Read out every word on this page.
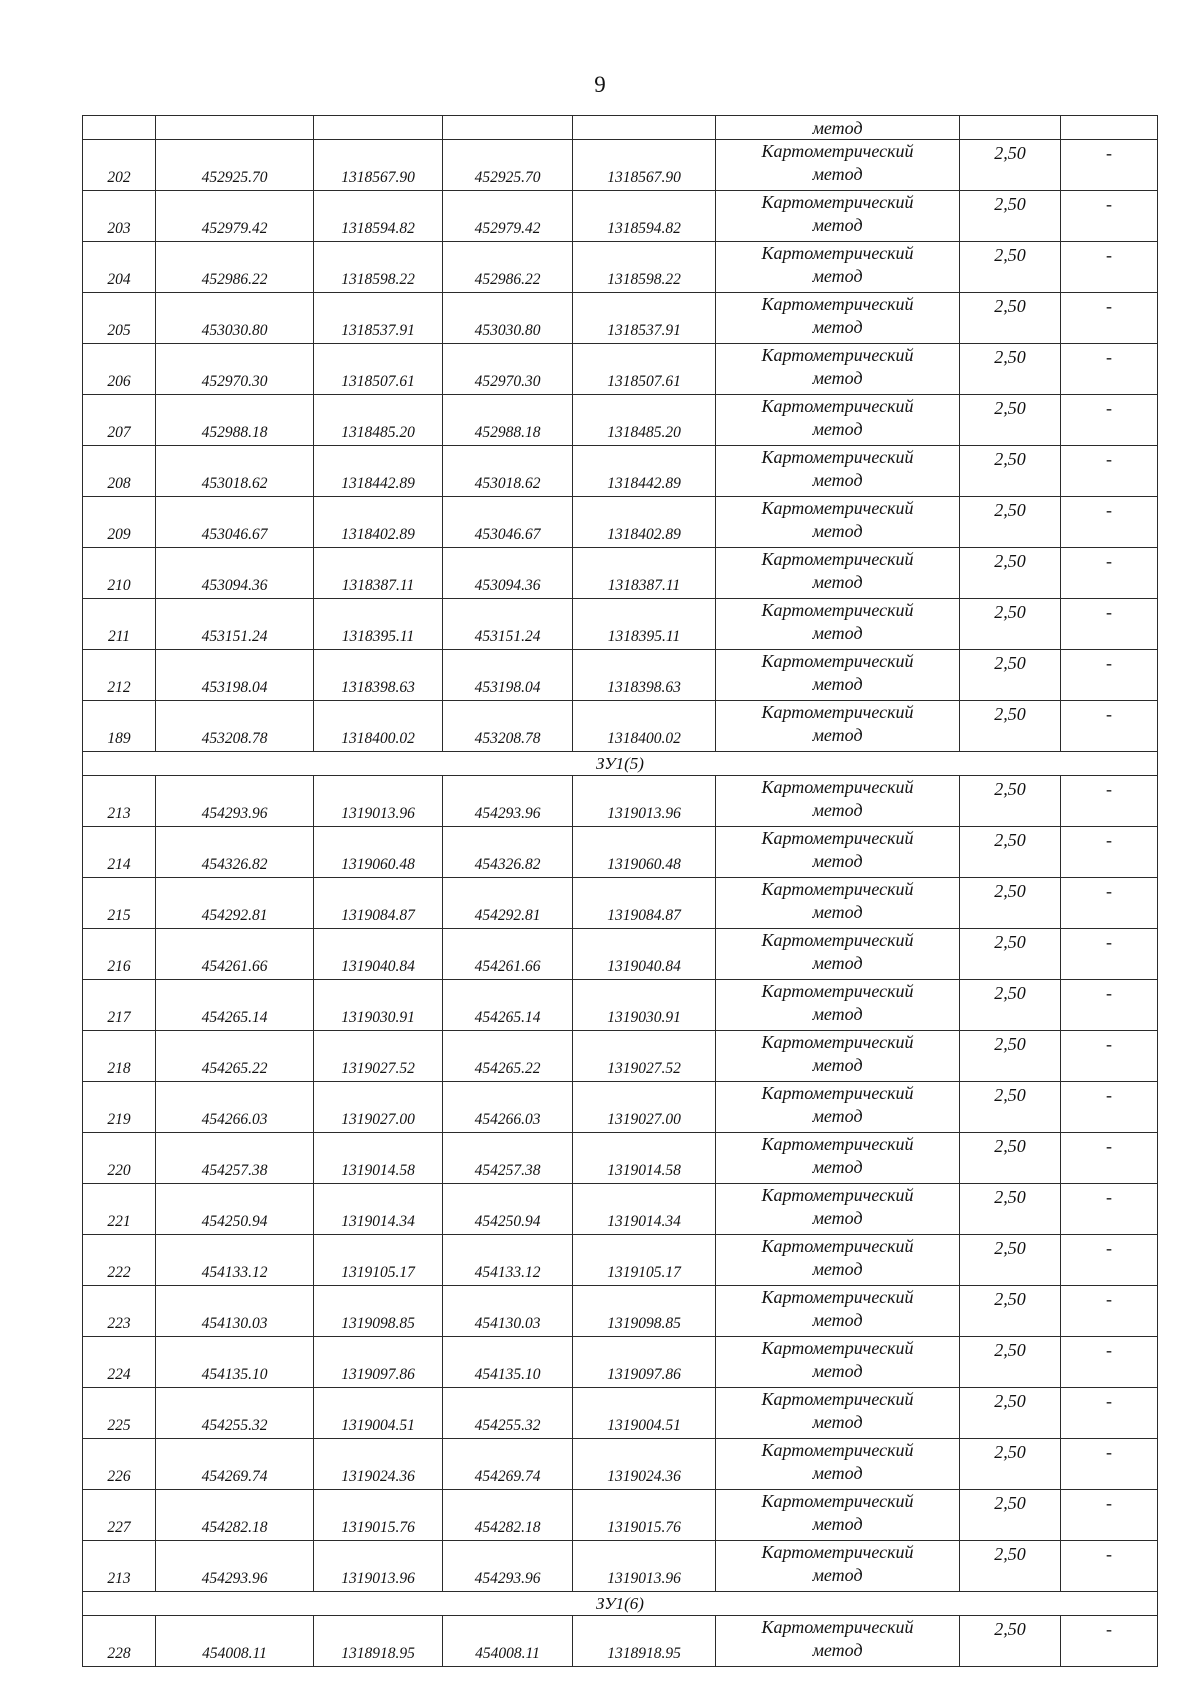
9
					метод		
202	452925.70	1318567.90	452925.70	1318567.90	Картометрический
метод	2,50	-
203	452979.42	1318594.82	452979.42	1318594.82	Картометрический
метод	2,50	-
204	452986.22	1318598.22	452986.22	1318598.22	Картометрический
метод	2,50	-
205	453030.80	1318537.91	453030.80	1318537.91	Картометрический
метод	2,50	-
206	452970.30	1318507.61	452970.30	1318507.61	Картометрический
метод	2,50	-
207	452988.18	1318485.20	452988.18	1318485.20	Картометрический
метод	2,50	-
208	453018.62	1318442.89	453018.62	1318442.89	Картометрический
метод	2,50	-
209	453046.67	1318402.89	453046.67	1318402.89	Картометрический
метод	2,50	-
210	453094.36	1318387.11	453094.36	1318387.11	Картометрический
метод	2,50	-
211	453151.24	1318395.11	453151.24	1318395.11	Картометрический
метод	2,50	-
212	453198.04	1318398.63	453198.04	1318398.63	Картометрический
метод	2,50	-
189	453208.78	1318400.02	453208.78	1318400.02	Картометрический
метод	2,50	-
ЗУ1(5)							
213	454293.96	1319013.96	454293.96	1319013.96	Картометрический
метод	2,50	-
214	454326.82	1319060.48	454326.82	1319060.48	Картометрический
метод	2,50	-
215	454292.81	1319084.87	454292.81	1319084.87	Картометрический
метод	2,50	-
216	454261.66	1319040.84	454261.66	1319040.84	Картометрический
метод	2,50	-
217	454265.14	1319030.91	454265.14	1319030.91	Картометрический
метод	2,50	-
218	454265.22	1319027.52	454265.22	1319027.52	Картометрический
метод	2,50	-
219	454266.03	1319027.00	454266.03	1319027.00	Картометрический
метод	2,50	-
220	454257.38	1319014.58	454257.38	1319014.58	Картометрический
метод	2,50	-
221	454250.94	1319014.34	454250.94	1319014.34	Картометрический
метод	2,50	-
222	454133.12	1319105.17	454133.12	1319105.17	Картометрический
метод	2,50	-
223	454130.03	1319098.85	454130.03	1319098.85	Картометрический
метод	2,50	-
224	454135.10	1319097.86	454135.10	1319097.86	Картометрический
метод	2,50	-
225	454255.32	1319004.51	454255.32	1319004.51	Картометрический
метод	2,50	-
226	454269.74	1319024.36	454269.74	1319024.36	Картометрический
метод	2,50	-
227	454282.18	1319015.76	454282.18	1319015.76	Картометрический
метод	2,50	-
213	454293.96	1319013.96	454293.96	1319013.96	Картометрический
метод	2,50	-
ЗУ1(6)							
228	454008.11	1318918.95	454008.11	1318918.95	Картометрический
метод	2,50	-
